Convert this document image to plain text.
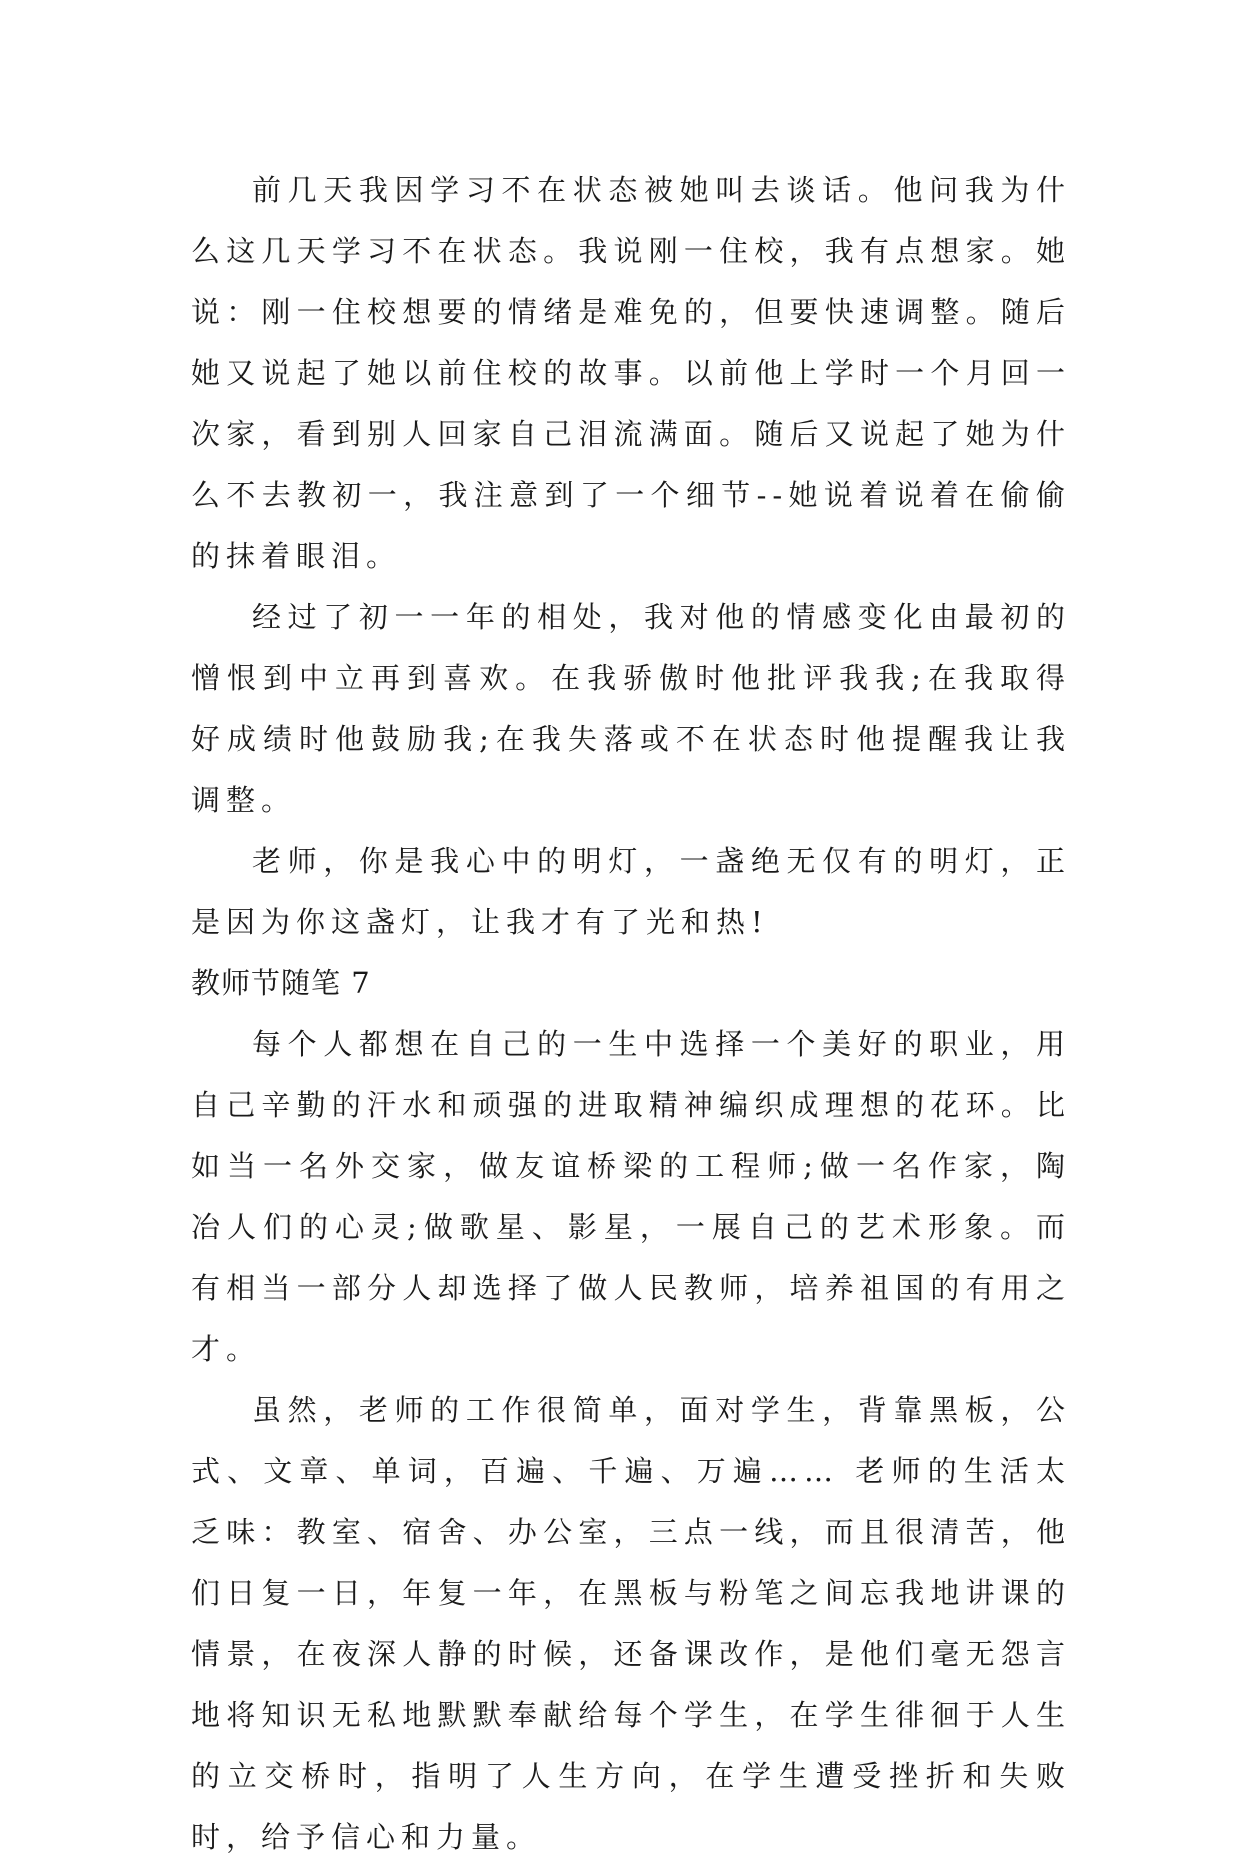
前几天我因学习不在状态被她叫去谈话。他问我为什么这几天学习不在状态。我说刚一住校，我有点想家。她说：刚一住校想要的情绪是难免的，但要快速调整。随后她又说起了她以前住校的故事。以前他上学时一个月回一次家，看到别人回家自己泪流满面。随后又说起了她为什么不去教初一，我注意到了一个细节--她说着说着在偷偷的抹着眼泪。

经过了初一一年的相处，我对他的情感变化由最初的憎恨到中立再到喜欢。在我骄傲时他批评我我;在我取得好成绩时他鼓励我;在我失落或不在状态时他提醒我让我调整。

老师，你是我心中的明灯，一盏绝无仅有的明灯，正是因为你这盏灯，让我才有了光和热!

教师节随笔 7

每个人都想在自己的一生中选择一个美好的职业，用自己辛勤的汗水和顽强的进取精神编织成理想的花环。比如当一名外交家，做友谊桥梁的工程师;做一名作家，陶冶人们的心灵;做歌星、影星，一展自己的艺术形象。而有相当一部分人却选择了做人民教师，培养祖国的有用之才。

虽然，老师的工作很简单，面对学生，背靠黑板，公式、文章、单词，百遍、千遍、万遍…… 老师的生活太乏味：教室、宿舍、办公室，三点一线，而且很清苦，他们日复一日，年复一年，在黑板与粉笔之间忘我地讲课的情景，在夜深人静的时候，还备课改作，是他们毫无怨言地将知识无私地默默奉献给每个学生，在学生徘徊于人生的立交桥时，指明了人生方向，在学生遭受挫折和失败时，给予信心和力量。
